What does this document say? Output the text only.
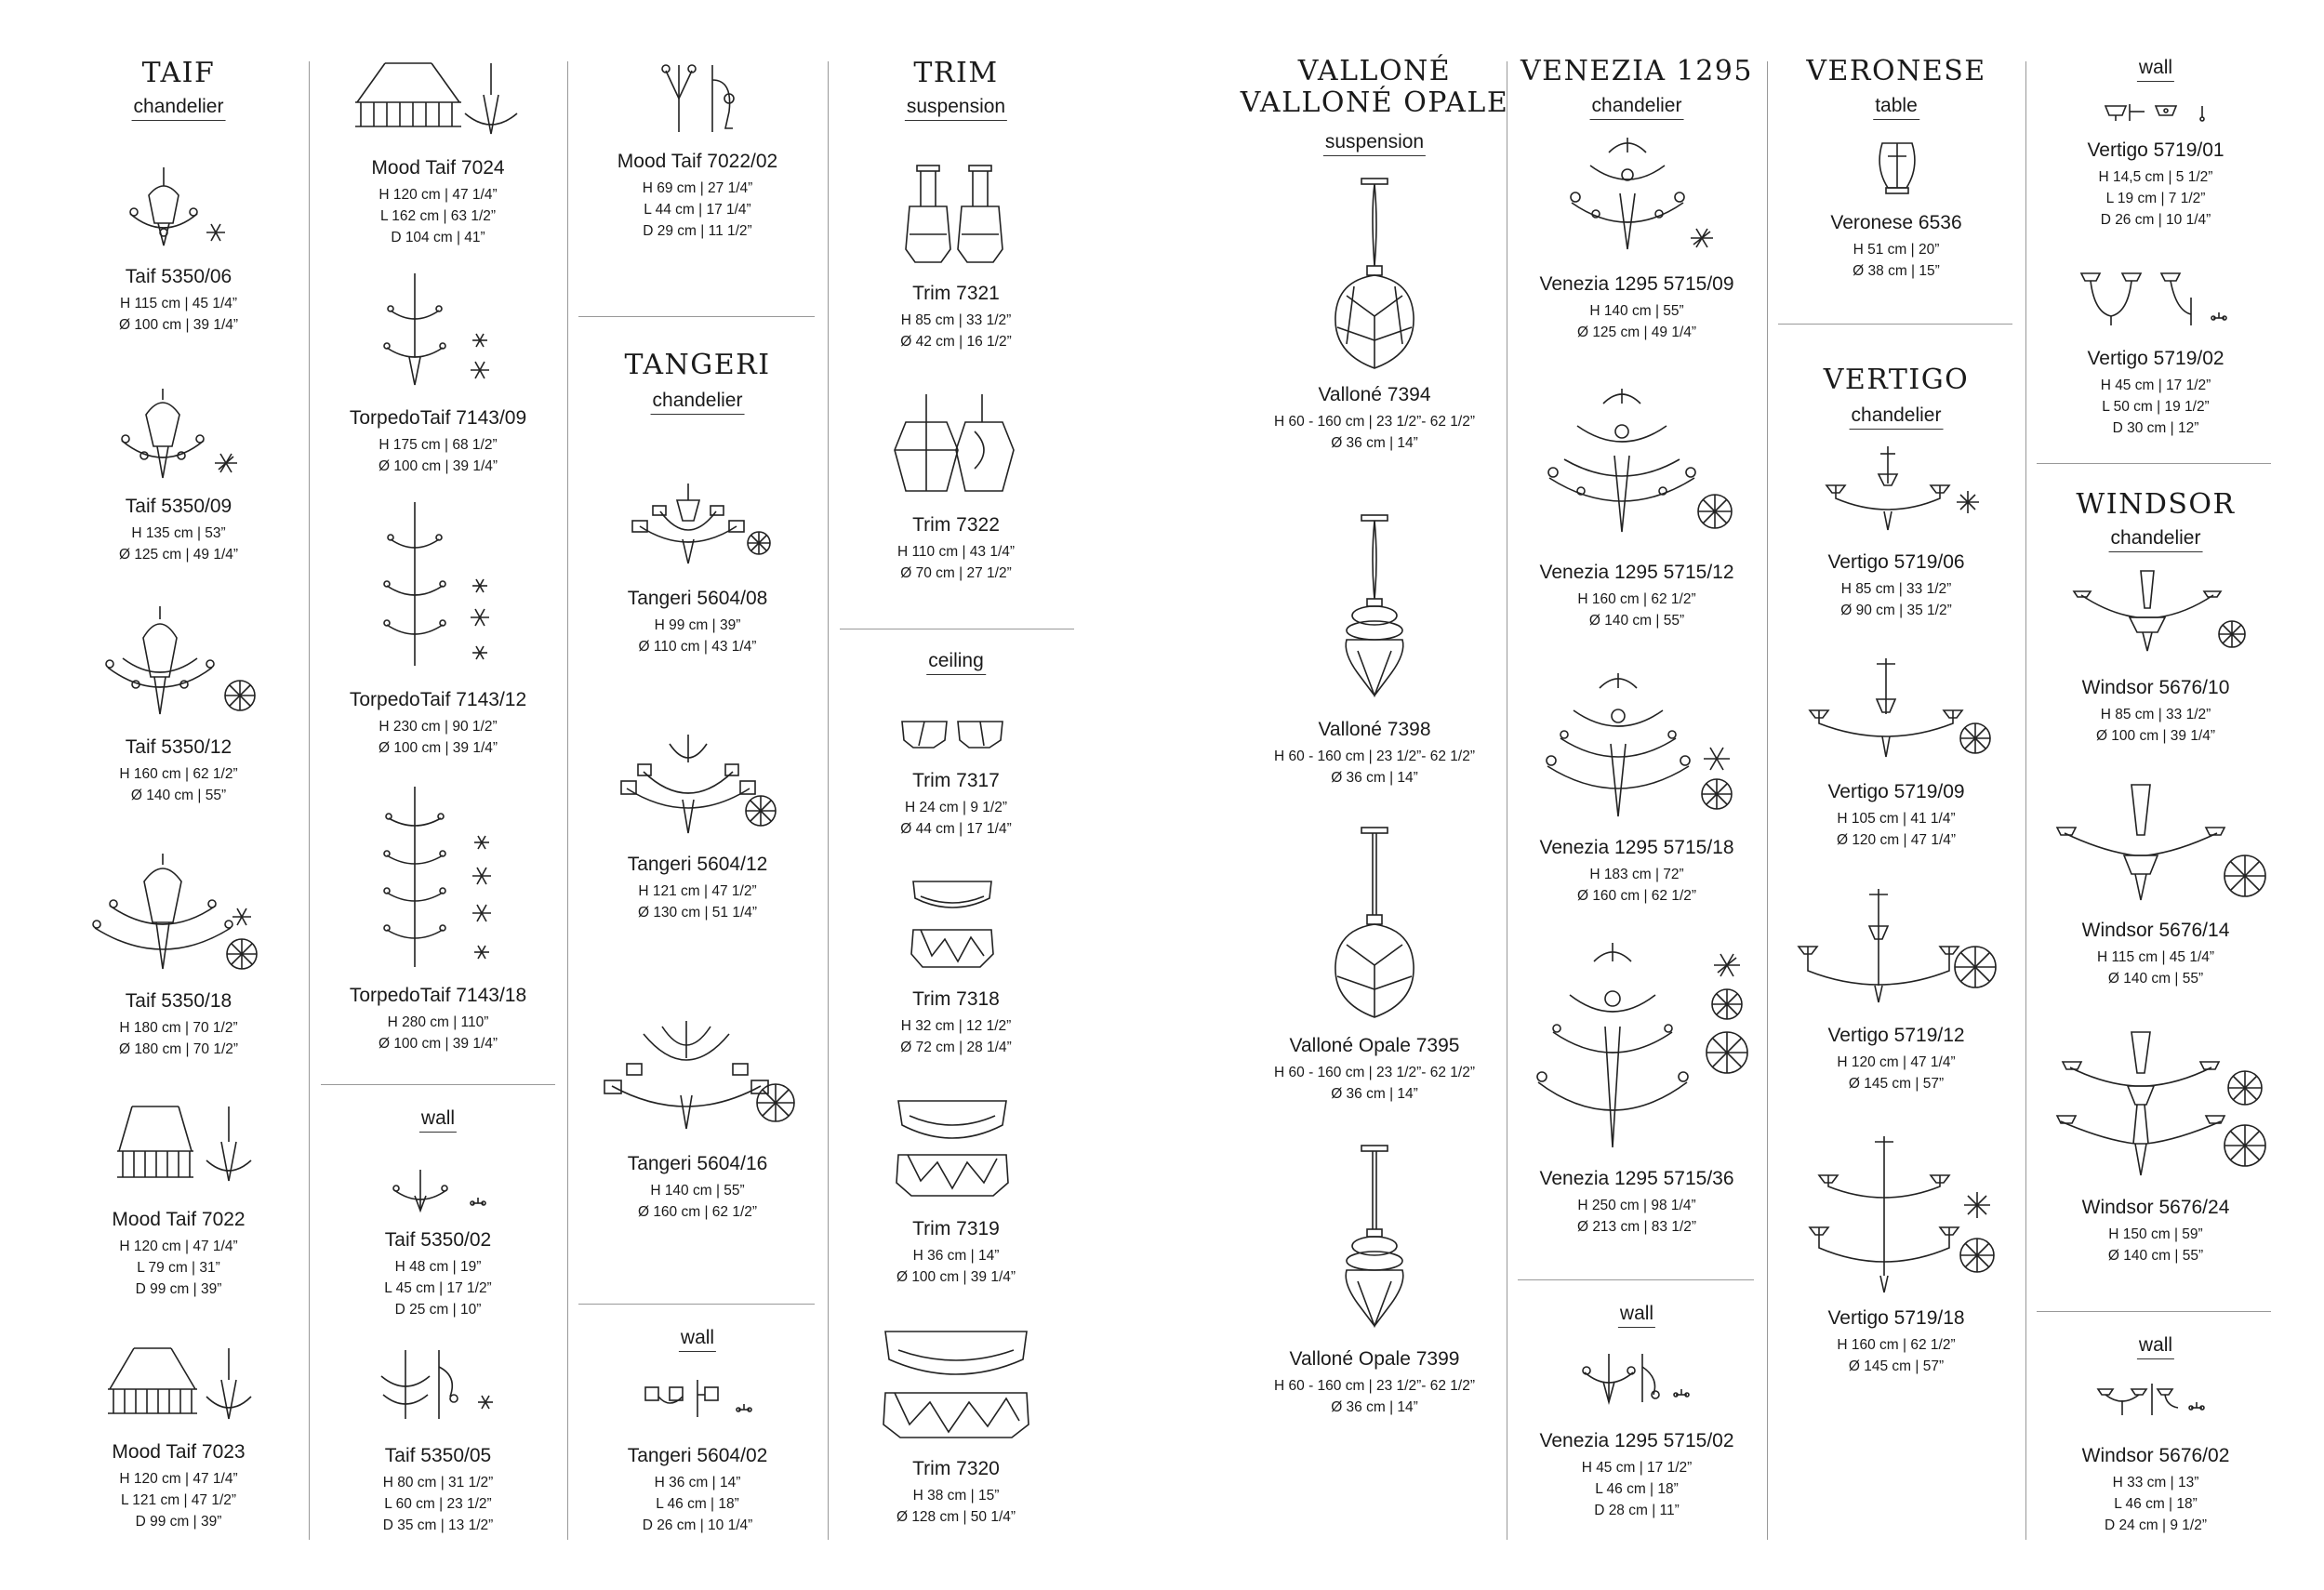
TAIF
chandelier
TANGERI
chandelier
TRIM
suspension
ceiling
VALLONÉ
VALLONÉ OPALE
suspension
VENEZIA 1295
chandelier
VERONESE
table
VERTIGO
chandelier
WINDSOR
chandelier
wall
wall
wall
wall
wall
Taif 5350/06
H 115 cm | 45 1/4”
Ø 100 cm | 39 1/4”
Taif 5350/09
H 135 cm | 53”
Ø 125 cm | 49 1/4”
Taif 5350/12
H 160 cm | 62 1/2”
Ø 140 cm | 55”
Taif 5350/18
H 180 cm | 70 1/2”
Ø 180 cm | 70 1/2”
Mood Taif 7022
H 120 cm | 47 1/4”
L 79 cm | 31”
D 99 cm | 39”
Mood Taif 7023
H 120 cm | 47 1/4”
L 121 cm | 47 1/2”
D 99 cm | 39”
Mood Taif 7024
H 120 cm | 47 1/4”
L 162 cm | 63 1/2”
D 104 cm | 41”
TorpedoTaif 7143/09
H 175 cm | 68 1/2”
Ø 100 cm | 39 1/4”
TorpedoTaif 7143/12
H 230 cm | 90 1/2”
Ø 100 cm | 39 1/4”
TorpedoTaif 7143/18
H 280 cm | 110”
Ø 100 cm | 39 1/4”
Taif 5350/02
H 48 cm | 19”
L 45 cm | 17 1/2”
D 25 cm | 10”
Taif 5350/05
H 80 cm | 31 1/2”
L 60 cm | 23 1/2”
D 35 cm | 13 1/2”
Mood Taif 7022/02
H 69 cm | 27 1/4”
L 44 cm | 17 1/4”
D 29 cm | 11 1/2”
Tangeri 5604/08
H 99 cm | 39”
Ø 110 cm | 43 1/4”
Tangeri 5604/12
H 121 cm | 47 1/2”
Ø 130 cm | 51 1/4”
Tangeri 5604/16
H 140 cm | 55”
Ø 160 cm | 62 1/2”
Tangeri 5604/02
H 36 cm | 14”
L 46 cm | 18”
D 26 cm | 10 1/4”
Trim 7321
H 85 cm | 33 1/2”
Ø 42 cm | 16 1/2”
Trim 7322
H 110 cm | 43 1/4”
Ø 70 cm | 27 1/2”
Trim 7317
H 24 cm | 9 1/2”
Ø 44 cm | 17 1/4”
Trim 7318
H 32 cm | 12 1/2”
Ø 72 cm | 28 1/4”
Trim 7319
H 36 cm | 14”
Ø 100 cm | 39 1/4”
Trim 7320
H 38 cm | 15”
Ø 128 cm | 50 1/4”
Valloné 7394
H 60 - 160 cm | 23 1/2”- 62 1/2”
Ø 36 cm | 14”
Valloné 7398
H 60 - 160 cm | 23 1/2”- 62 1/2”
Ø 36 cm | 14”
Valloné Opale 7395
H 60 - 160 cm | 23 1/2”- 62 1/2”
Ø 36 cm | 14”
Valloné Opale 7399
H 60 - 160 cm | 23 1/2”- 62 1/2”
Ø 36 cm | 14”
Venezia 1295 5715/09
H 140 cm | 55”
Ø 125 cm | 49 1/4”
Venezia 1295 5715/12
H 160 cm | 62 1/2”
Ø 140 cm | 55”
Venezia 1295 5715/18
H 183 cm | 72”
Ø 160 cm | 62 1/2”
Venezia 1295 5715/36
H 250 cm | 98 1/4”
Ø 213 cm | 83 1/2”
Venezia 1295 5715/02
H 45 cm | 17 1/2”
L 46 cm | 18”
D 28 cm | 11”
Veronese 6536
H 51 cm | 20”
Ø 38 cm | 15”
Vertigo 5719/06
H 85 cm | 33 1/2”
Ø 90 cm | 35 1/2”
Vertigo 5719/09
H 105 cm | 41 1/4”
Ø 120 cm | 47 1/4”
Vertigo 5719/12
H 120 cm | 47 1/4”
Ø 145 cm | 57”
Vertigo 5719/18
H 160 cm | 62 1/2”
Ø 145 cm | 57”
Vertigo 5719/01
H 14,5 cm | 5 1/2”
L 19 cm | 7 1/2”
D 26 cm | 10 1/4”
Vertigo 5719/02
H 45 cm | 17 1/2”
L 50 cm | 19 1/2”
D 30 cm | 12”
Windsor 5676/10
H 85 cm | 33 1/2”
Ø 100 cm | 39 1/4”
Windsor 5676/14
H 115 cm | 45 1/4”
Ø 140 cm | 55”
Windsor 5676/24
H 150 cm | 59”
Ø 140 cm | 55”
Windsor 5676/02
H 33 cm | 13”
L 46 cm | 18”
D 24 cm | 9 1/2”
